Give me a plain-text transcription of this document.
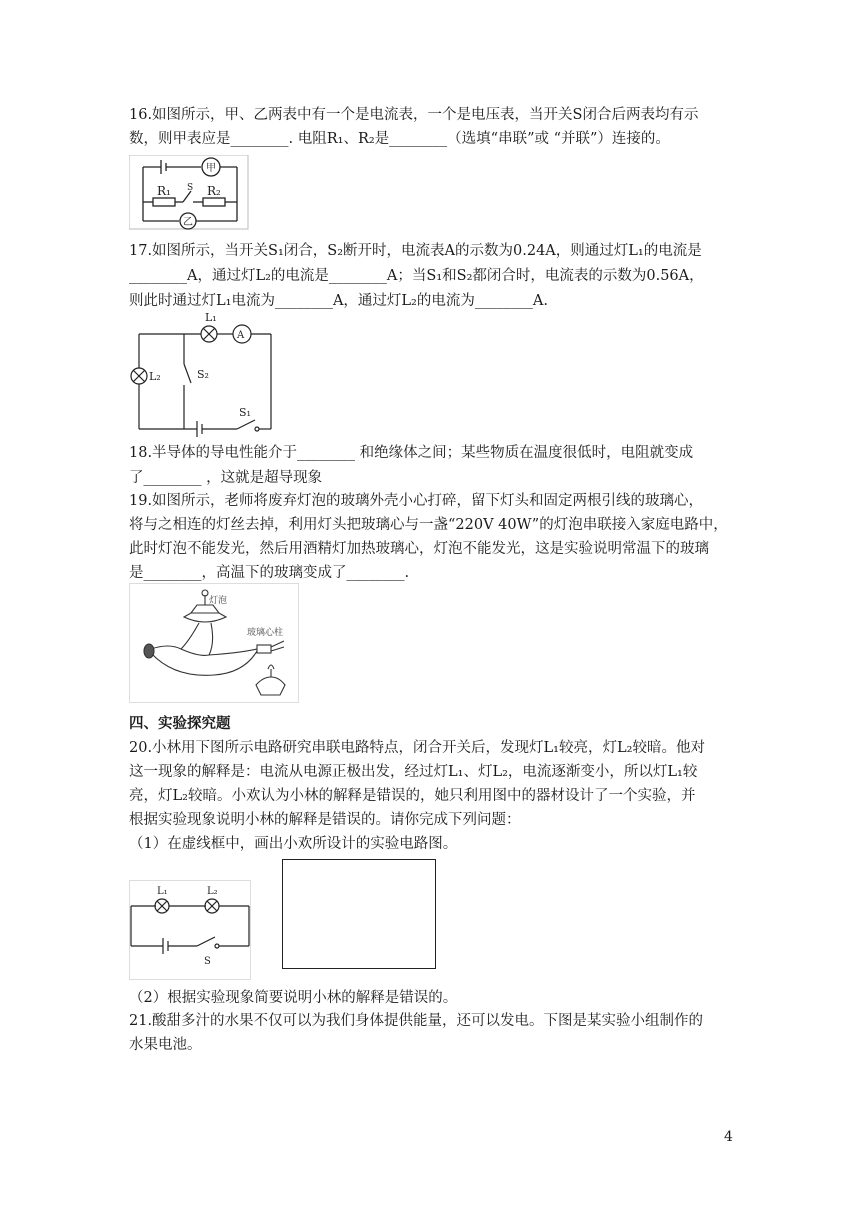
16.如图所示，甲、乙两表中有一个是电流表，一个是电压表，当开关S闭合后两表均有示
数，则甲表应是________. 电阻R₁、R₂是________（选填“串联”或 “并联”）连接的。
甲
乙
S
R₁	R₂
17.如图所示，当开关S₁闭合，S₂断开时，电流表A的示数为0.24A，则通过灯L₁的电流是
________A，通过灯L₂的电流是________A；当S₁和S₂都闭合时，电流表的示数为0.56A，
则此时通过灯L₁电流为________A，通过灯L₂的电流为________A.
L₁
A
L₂	S₂
S₁
18.半导体的导电性能介于________ 和绝缘体之间；某些物质在温度很低时，电阻就变成
了________ ，这就是超导现象
19.如图所示，老师将废弃灯泡的玻璃外壳小心打碎，留下灯头和固定两根引线的玻璃心，
将与之相连的灯丝去掉，利用灯头把玻璃心与一盏“220V 40W”的灯泡串联接入家庭电路中，
此时灯泡不能发光，然后用酒精灯加热玻璃心，灯泡不能发光，这是实验说明常温下的玻璃
是________，高温下的玻璃变成了________.
灯泡
玻璃心柱
四、实验探究题
20.小林用下图所示电路研究串联电路特点，闭合开关后，发现灯L₁较亮，灯L₂较暗。他对
这一现象的解释是：电流从电源正极出发，经过灯L₁、灯L₂，电流逐渐变小，所以灯L₁较
亮，灯L₂较暗。小欢认为小林的解释是错误的，她只利用图中的器材设计了一个实验，并
根据实验现象说明小林的解释是错误的。请你完成下列问题：
（1）在虚线框中，画出小欢所设计的实验电路图。
L₁	L₂
S
（2）根据实验现象简要说明小林的解释是错误的。
21.酸甜多汁的水果不仅可以为我们身体提供能量，还可以发电。下图是某实验小组制作的
水果电池。
4
